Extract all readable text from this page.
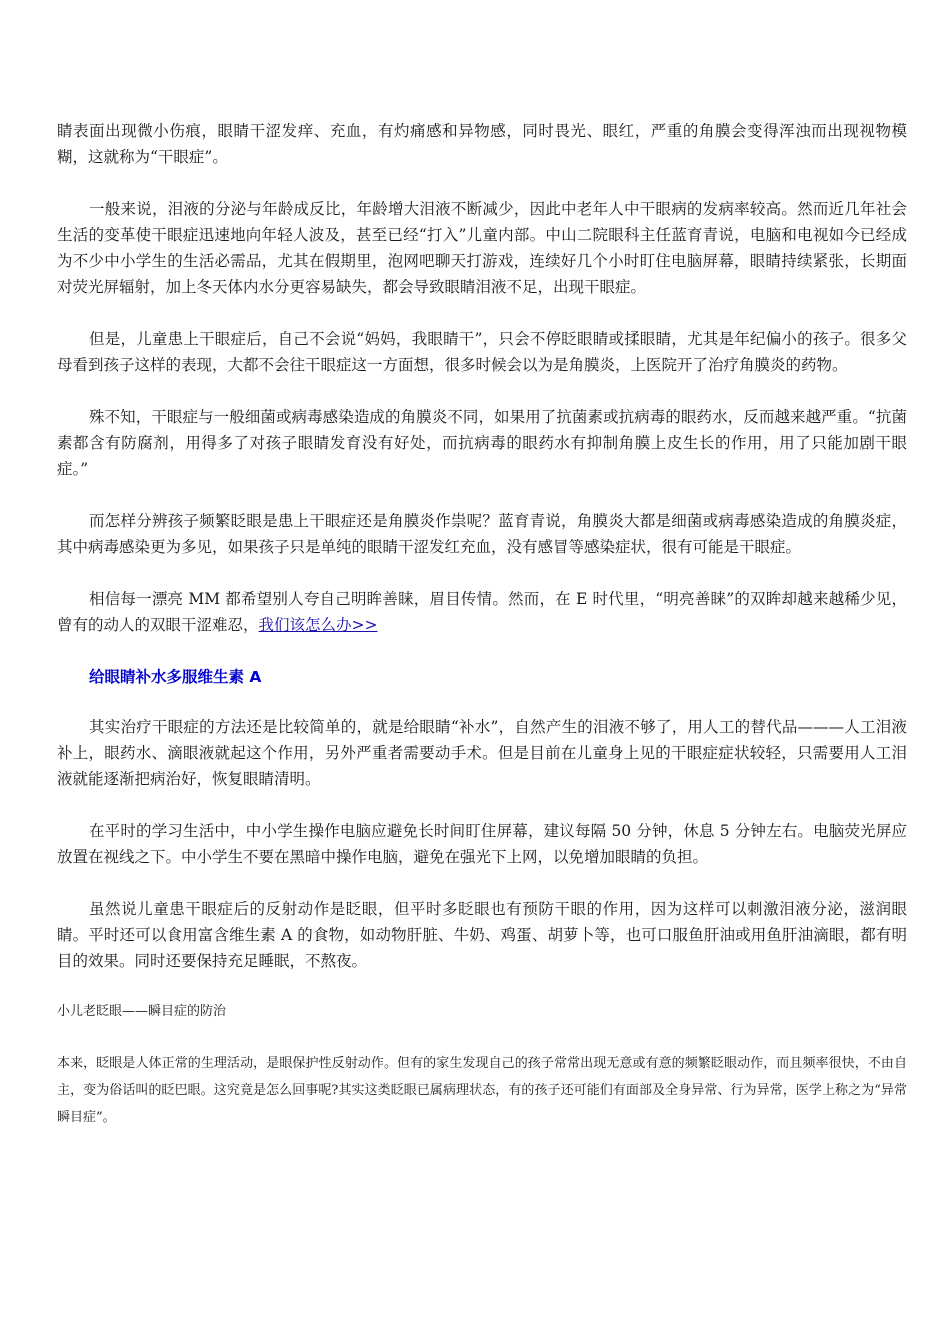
睛表面出现微小伤痕，眼睛干涩发痒、充血，有灼痛感和异物感，同时畏光、眼红，严重的角膜会变得浑浊而出现视物模糊，这就称为“干眼症”。

一般来说，泪液的分泌与年龄成反比，年龄增大泪液不断减少，因此中老年人中干眼病的发病率较高。然而近几年社会生活的变革使干眼症迅速地向年轻人波及，甚至已经“打入”儿童内部。中山二院眼科主任蓝育青说，电脑和电视如今已经成为不少中小学生的生活必需品，尤其在假期里，泡网吧聊天打游戏，连续好几个小时盯住电脑屏幕，眼睛持续紧张，长期面对荧光屏辐射，加上冬天体内水分更容易缺失，都会导致眼睛泪液不足，出现干眼症。

但是，儿童患上干眼症后，自己不会说“妈妈，我眼睛干”，只会不停眨眼睛或揉眼睛，尤其是年纪偏小的孩子。很多父母看到孩子这样的表现，大都不会往干眼症这一方面想，很多时候会以为是角膜炎，上医院开了治疗角膜炎的药物。

殊不知，干眼症与一般细菌或病毒感染造成的角膜炎不同，如果用了抗菌素或抗病毒的眼药水，反而越来越严重。“抗菌素都含有防腐剂，用得多了对孩子眼睛发育没有好处，而抗病毒的眼药水有抑制角膜上皮生长的作用，用了只能加剧干眼症。”

而怎样分辨孩子频繁眨眼是患上干眼症还是角膜炎作祟呢？蓝育青说，角膜炎大都是细菌或病毒感染造成的角膜炎症，其中病毒感染更为多见，如果孩子只是单纯的眼睛干涩发红充血，没有感冒等感染症状，很有可能是干眼症。

相信每一漂亮 MM 都希望别人夸自己明眸善睐，眉目传情。然而，在 E 时代里，“明亮善睐”的双眸却越来越稀少见，曾有的动人的双眼干涩难忍，我们该怎么办>>

给眼睛补水多服维生素 A

其实治疗干眼症的方法还是比较简单的，就是给眼睛“补水”，自然产生的泪液不够了，用人工的替代品———人工泪液补上，眼药水、滴眼液就起这个作用，另外严重者需要动手术。但是目前在儿童身上见的干眼症症状较轻，只需要用人工泪液就能逐渐把病治好，恢复眼睛清明。

在平时的学习生活中，中小学生操作电脑应避免长时间盯住屏幕，建议每隔 50 分钟，休息 5 分钟左右。电脑荧光屏应放置在视线之下。中小学生不要在黑暗中操作电脑，避免在强光下上网，以免增加眼睛的负担。

虽然说儿童患干眼症后的反射动作是眨眼，但平时多眨眼也有预防干眼的作用，因为这样可以刺激泪液分泌，滋润眼睛。平时还可以食用富含维生素 A 的食物，如动物肝脏、牛奶、鸡蛋、胡萝卜等，也可口服鱼肝油或用鱼肝油滴眼，都有明目的效果。同时还要保持充足睡眠，不熬夜。

小儿老眨眼——瞬目症的防治

本来，眨眼是人体正常的生理活动，是眼保护性反射动作。但有的家生发现自己的孩子常常出现无意或有意的频繁眨眼动作，而且频率很快，不由自主，变为俗话叫的眨巴眼。这究竟是怎么回事呢?其实这类眨眼已属病理状态，有的孩子还可能们有面部及全身异常、行为异常，医学上称之为“异常瞬目症”。
